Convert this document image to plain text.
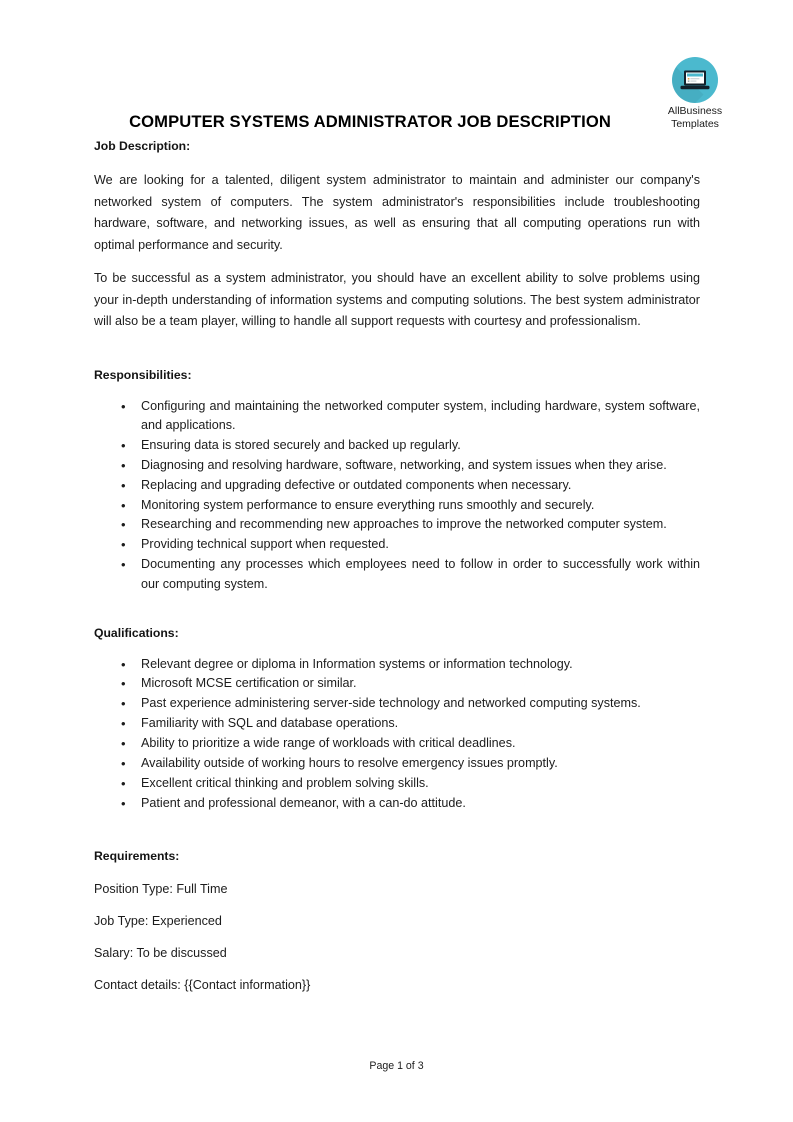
AllBusiness
Templates
COMPUTER SYSTEMS ADMINISTRATOR JOB DESCRIPTION
Job Description:

We are looking for a talented, diligent system administrator to maintain and administer our company's networked system of computers. The system administrator's responsibilities include troubleshooting hardware, software, and networking issues, as well as ensuring that all computing operations run with optimal performance and security.

To be successful as a system administrator, you should have an excellent ability to solve problems using your in-depth understanding of information systems and computing solutions. The best system administrator will also be a team player, willing to handle all support requests with courtesy and professionalism.

Responsibilities:
• Configuring and maintaining the networked computer system, including hardware, system software, and applications.
• Ensuring data is stored securely and backed up regularly.
• Diagnosing and resolving hardware, software, networking, and system issues when they arise.
• Replacing and upgrading defective or outdated components when necessary.
• Monitoring system performance to ensure everything runs smoothly and securely.
• Researching and recommending new approaches to improve the networked computer system.
• Providing technical support when requested.
• Documenting any processes which employees need to follow in order to successfully work within our computing system.
Qualifications:
• Relevant degree or diploma in Information systems or information technology.
• Microsoft MCSE certification or similar.
• Past experience administering server-side technology and networked computing systems.
• Familiarity with SQL and database operations.
• Ability to prioritize a wide range of workloads with critical deadlines.
• Availability outside of working hours to resolve emergency issues promptly.
• Excellent critical thinking and problem solving skills.
• Patient and professional demeanor, with a can-do attitude.
Requirements:
Position Type: Full Time
Job Type: Experienced
Salary: To be discussed
Contact details: {{Contact information}}
Page 1 of 3
